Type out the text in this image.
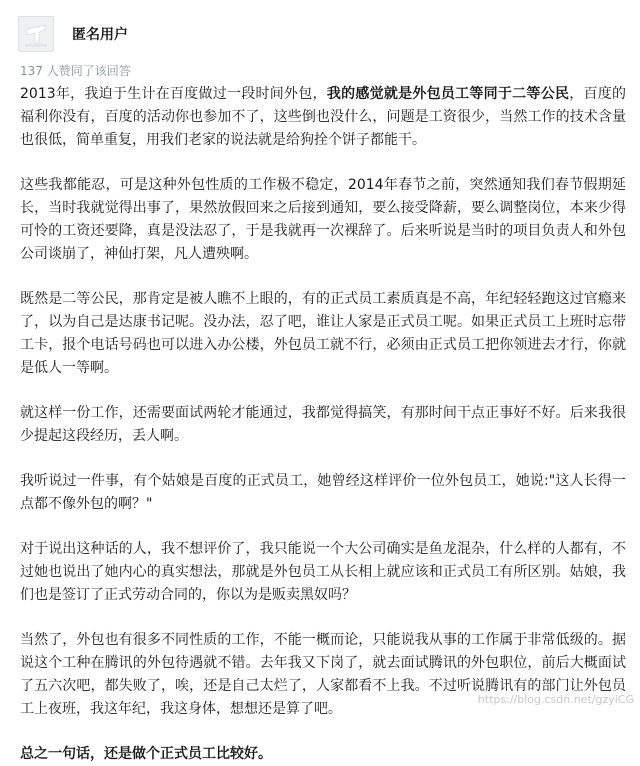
匿名用户
137 人赞同了该回答

2013年，我迫于生计在百度做过一段时间外包，我的感觉就是外包员工等同于二等公民，百度的福利你没有，百度的活动你也参加不了，这些倒也没什么，问题是工资很少，当然工作的技术含量也很低，简单重复，用我们老家的说法就是给狗拴个饼子都能干。

这些我都能忍，可是这种外包性质的工作极不稳定，2014年春节之前，突然通知我们春节假期延长，当时我就觉得出事了，果然放假回来之后接到通知，要么接受降薪，要么调整岗位，本来少得可怜的工资还要降，真是没法忍了，于是我就再一次裸辞了。后来听说是当时的项目负责人和外包公司谈崩了，神仙打架，凡人遭殃啊。

既然是二等公民，那肯定是被人瞧不上眼的，有的正式员工素质真是不高，年纪轻轻跑这过官瘾来了，以为自己是达康书记呢。没办法，忍了吧，谁让人家是正式员工呢。如果正式员工上班时忘带工卡，报个电话号码也可以进入办公楼，外包员工就不行，必须由正式员工把你领进去才行，你就是低人一等啊。

就这样一份工作，还需要面试两轮才能通过，我都觉得搞笑，有那时间干点正事好不好。后来我很少提起这段经历，丢人啊。

我听说过一件事，有个姑娘是百度的正式员工，她曾经这样评价一位外包员工，她说:"这人长得一点都不像外包的啊？"

对于说出这种话的人，我不想评价了，我只能说一个大公司确实是鱼龙混杂，什么样的人都有，不过她也说出了她内心的真实想法，那就是外包员工从长相上就应该和正式员工有所区别。姑娘，我们也是签订了正式劳动合同的，你以为是贩卖黑奴吗？

当然了，外包也有很多不同性质的工作，不能一概而论，只能说我从事的工作属于非常低级的。据说这个工种在腾讯的外包待遇就不错。去年我又下岗了，就去面试腾讯的外包职位，前后大概面试了五六次吧，都失败了，唉，还是自己太烂了，人家都看不上我。不过听说腾讯有的部门让外包员工上夜班，我这年纪，我这身体，想想还是算了吧。

总之一句话，还是做个正式员工比较好。

https://blog.csdn.net/gzyiCG
